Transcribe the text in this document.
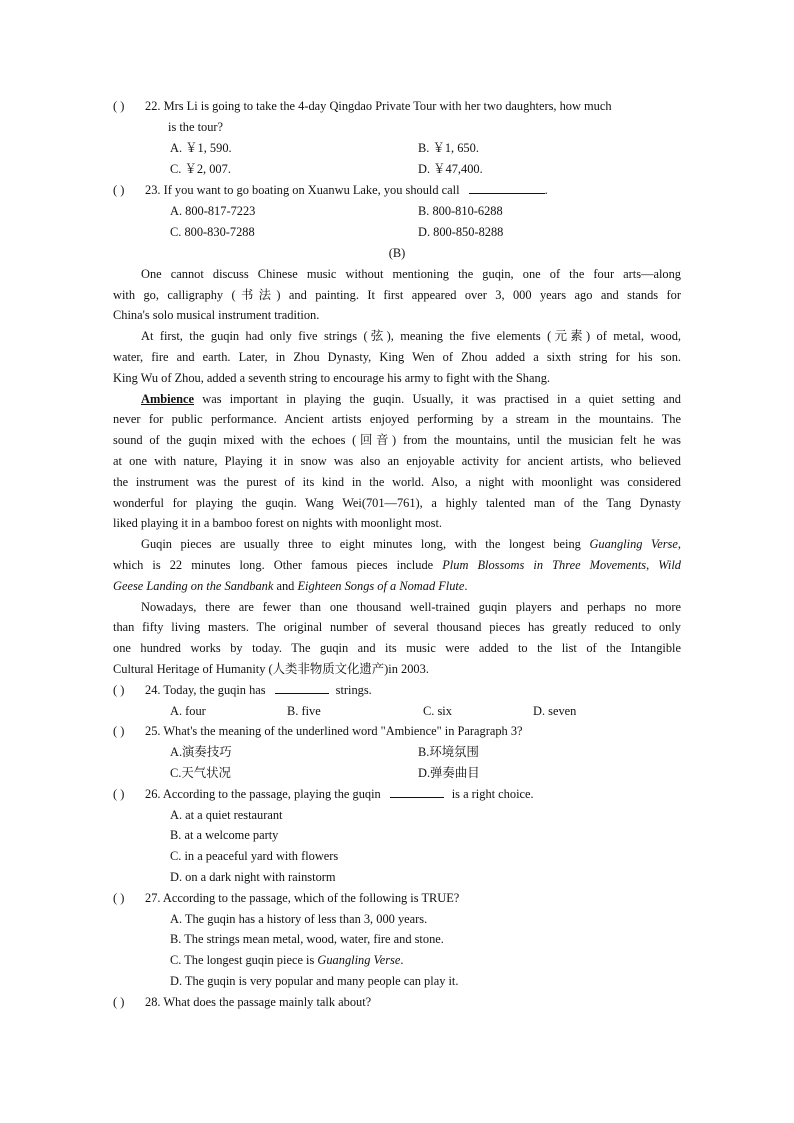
( ) 22. Mrs Li is going to take the 4-day Qingdao Private Tour with her two daughters, how much
is the tour?
A. ￥1, 590.	B. ￥1, 650.
C. ￥2, 007.	D. ￥47,400.
( ) 23. If you want to go boating on Xuanwu Lake, you should call	.
A. 800-817-7223	B. 800-810-6288
C. 800-830-7288	D. 800-850-8288
(B)
One cannot discuss Chinese music without mentioning the guqin, one of the four arts—along
with go, calligraphy (书法) and painting. It first appeared over 3, 000 years ago and stands for
China's solo musical instrument tradition.
At first, the guqin had only five strings (弦), meaning the five elements (元素) of metal, wood,
water, fire and earth. Later, in Zhou Dynasty, King Wen of Zhou added a sixth string for his son.
King Wu of Zhou, added a seventh string to encourage his army to fight with the Shang.
Ambience was important in playing the guqin. Usually, it was practised in a quiet setting and
never for public performance. Ancient artists enjoyed performing by a stream in the mountains. The
sound of the guqin mixed with the echoes (回音) from the mountains, until the musician felt he was
at one with nature, Playing it in snow was also an enjoyable activity for ancient artists, who believed
the instrument was the purest of its kind in the world. Also, a night with moonlight was considered
wonderful for playing the guqin. Wang Wei(701—761), a highly talented man of the Tang Dynasty
liked playing it in a bamboo forest on nights with moonlight most.
Guqin pieces are usually three to eight minutes long, with the longest being Guangling Verse,
which is 22 minutes long. Other famous pieces include Plum Blossoms in Three Movements, Wild
Geese Landing on the Sandbank and Eighteen Songs of a Nomad Flute.
Nowadays, there are fewer than one thousand well-trained guqin players and perhaps no more
than fifty living masters. The original number of several thousand pieces has greatly reduced to only
one hundred works by today. The guqin and its music were added to the list of the Intangible
Cultural Heritage of Humanity (人类非物质文化遗产)in 2003.
( ) 24. Today, the guqin has	strings.
A. four	B. five	C. six	D. seven
( ) 25. What's the meaning of the underlined word "Ambience" in Paragraph 3?
A.演奏技巧	B.环境氛围
C.天气状况	D.弹奏曲目
( ) 26. According to the passage, playing the guqin	is a right choice.
A. at a quiet restaurant
B. at a welcome party
C. in a peaceful yard with flowers
D. on a dark night with rainstorm
( ) 27. According to the passage, which of the following is TRUE?
A. The guqin has a history of less than 3, 000 years.
B. The strings mean metal, wood, water, fire and stone.
C. The longest guqin piece is Guangling Verse.
D. The guqin is very popular and many people can play it.
( ) 28. What does the passage mainly talk about?
